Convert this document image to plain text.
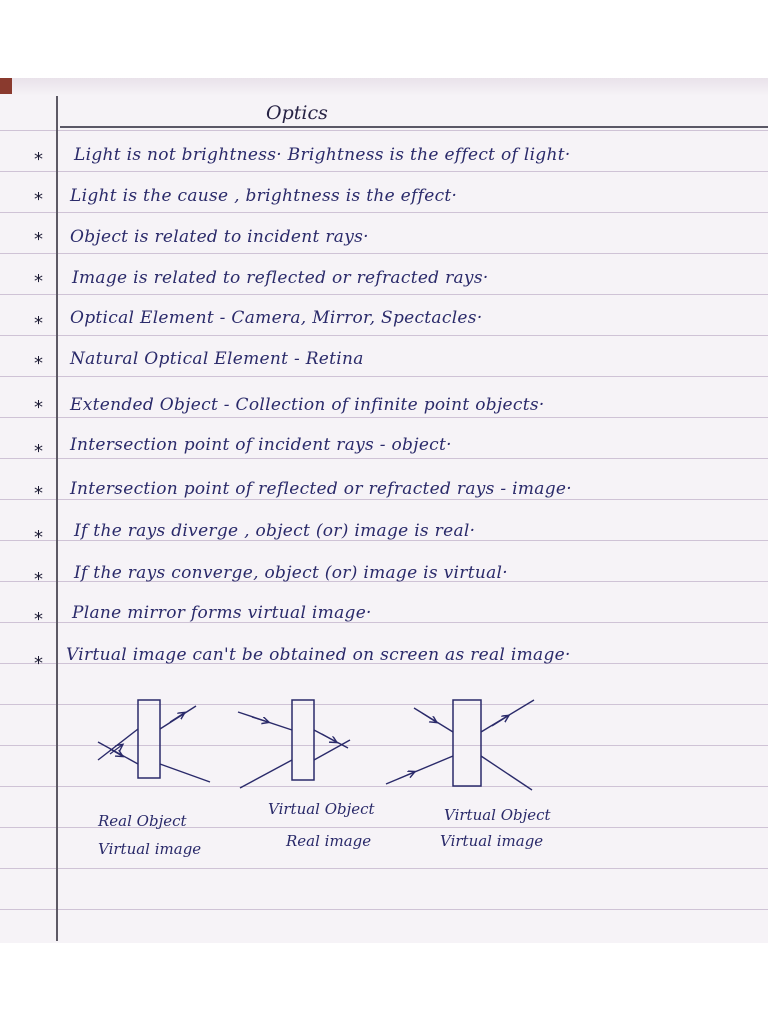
Optics
* Light is not brightness· Brightness is the effect of light·
* Light is the cause , brightness is the effect·
* Object is related to incident rays·
* Image is related to reflected or refracted rays·
* Optical Element - Camera, Mirror, Spectacles·
* Natural Optical Element - Retina
* Extended Object - Collection of infinite point objects·
* Intersection point of incident rays - object·
* Intersection point of reflected or refracted rays - image·
* If the rays diverge , object (or) image is real·
* If the rays converge, object (or) image is virtual·
* Plane mirror forms virtual image·
* Virtual image can't be obtained on screen as real image·
Real Object
Virtual image
Virtual Object
Real image
Virtual Object
Virtual image
